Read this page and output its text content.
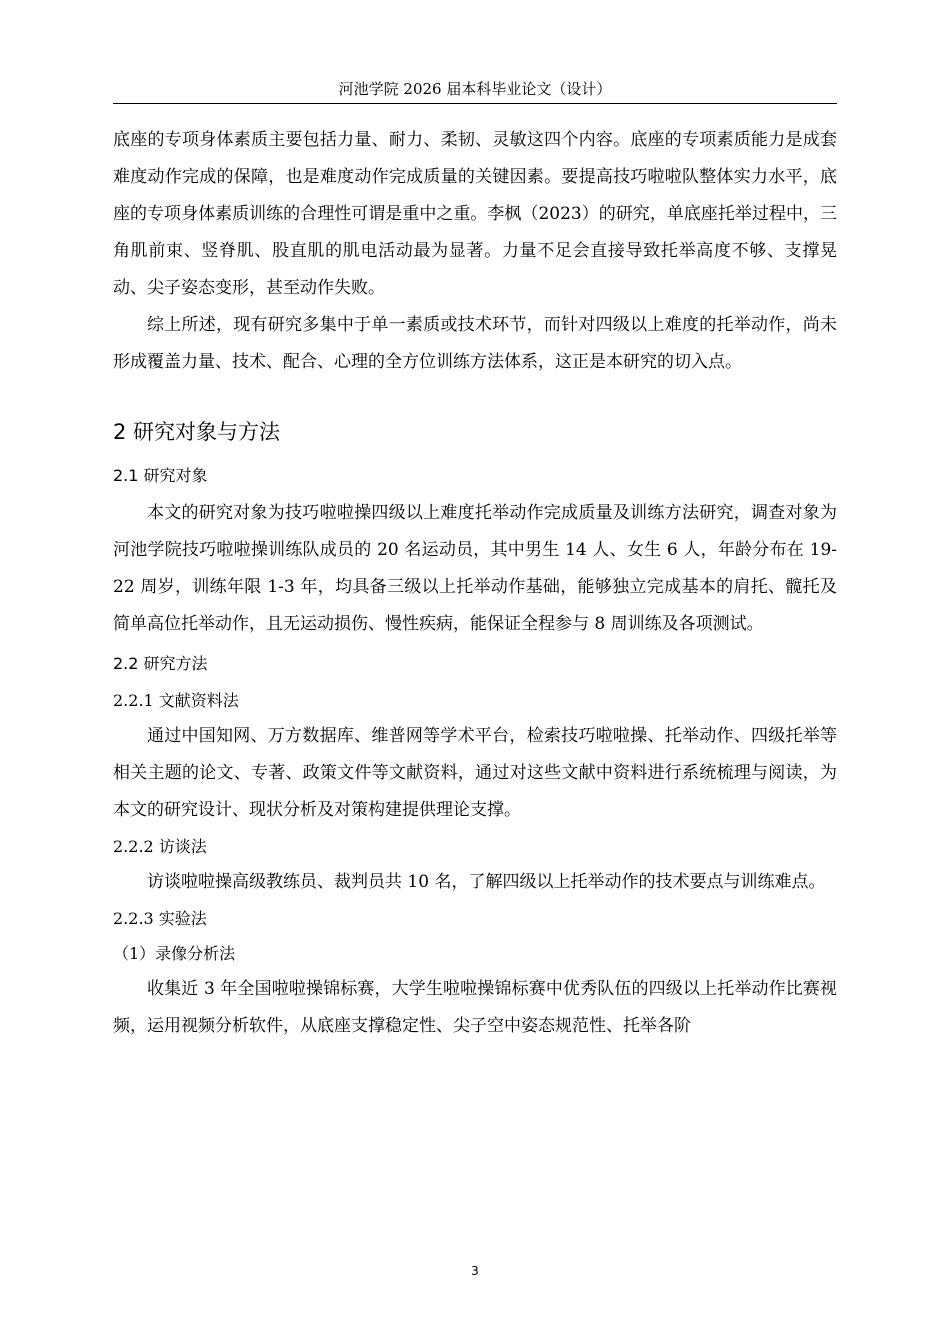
河池学院 2026 届本科毕业论文（设计）

底座的专项身体素质主要包括力量、耐力、柔韧、灵敏这四个内容。底座的专项素质能力是成套难度动作完成的保障，也是难度动作完成质量的关键因素。要提高技巧啦啦队整体实力水平，底座的专项身体素质训练的合理性可谓是重中之重。李枫（2023）的研究，单底座托举过程中，三角肌前束、竖脊肌、股直肌的肌电活动最为显著。力量不足会直接导致托举高度不够、支撑晃动、尖子姿态变形，甚至动作失败。

综上所述，现有研究多集中于单一素质或技术环节，而针对四级以上难度的托举动作，尚未形成覆盖力量、技术、配合、心理的全方位训练方法体系，这正是本研究的切入点。

2 研究对象与方法
2.1 研究对象

本文的研究对象为技巧啦啦操四级以上难度托举动作完成质量及训练方法研究，调查对象为河池学院技巧啦啦操训练队成员的 20 名运动员，其中男生 14 人、女生 6 人，年龄分布在 19-22 周岁，训练年限 1-3 年，均具备三级以上托举动作基础，能够独立完成基本的肩托、髋托及简单高位托举动作，且无运动损伤、慢性疾病，能保证全程参与 8 周训练及各项测试。

2.2 研究方法
2.2.1 文献资料法

通过中国知网、万方数据库、维普网等学术平台，检索技巧啦啦操、托举动作、四级托举等相关主题的论文、专著、政策文件等文献资料，通过对这些文献中资料进行系统梳理与阅读，为本文的研究设计、现状分析及对策构建提供理论支撑。

2.2.2 访谈法

访谈啦啦操高级教练员、裁判员共 10 名，了解四级以上托举动作的技术要点与训练难点。

2.2.3 实验法
（1）录像分析法

收集近 3 年全国啦啦操锦标赛，大学生啦啦操锦标赛中优秀队伍的四级以上托举动作比赛视频，运用视频分析软件，从底座支撑稳定性、尖子空中姿态规范性、托举各阶

3
